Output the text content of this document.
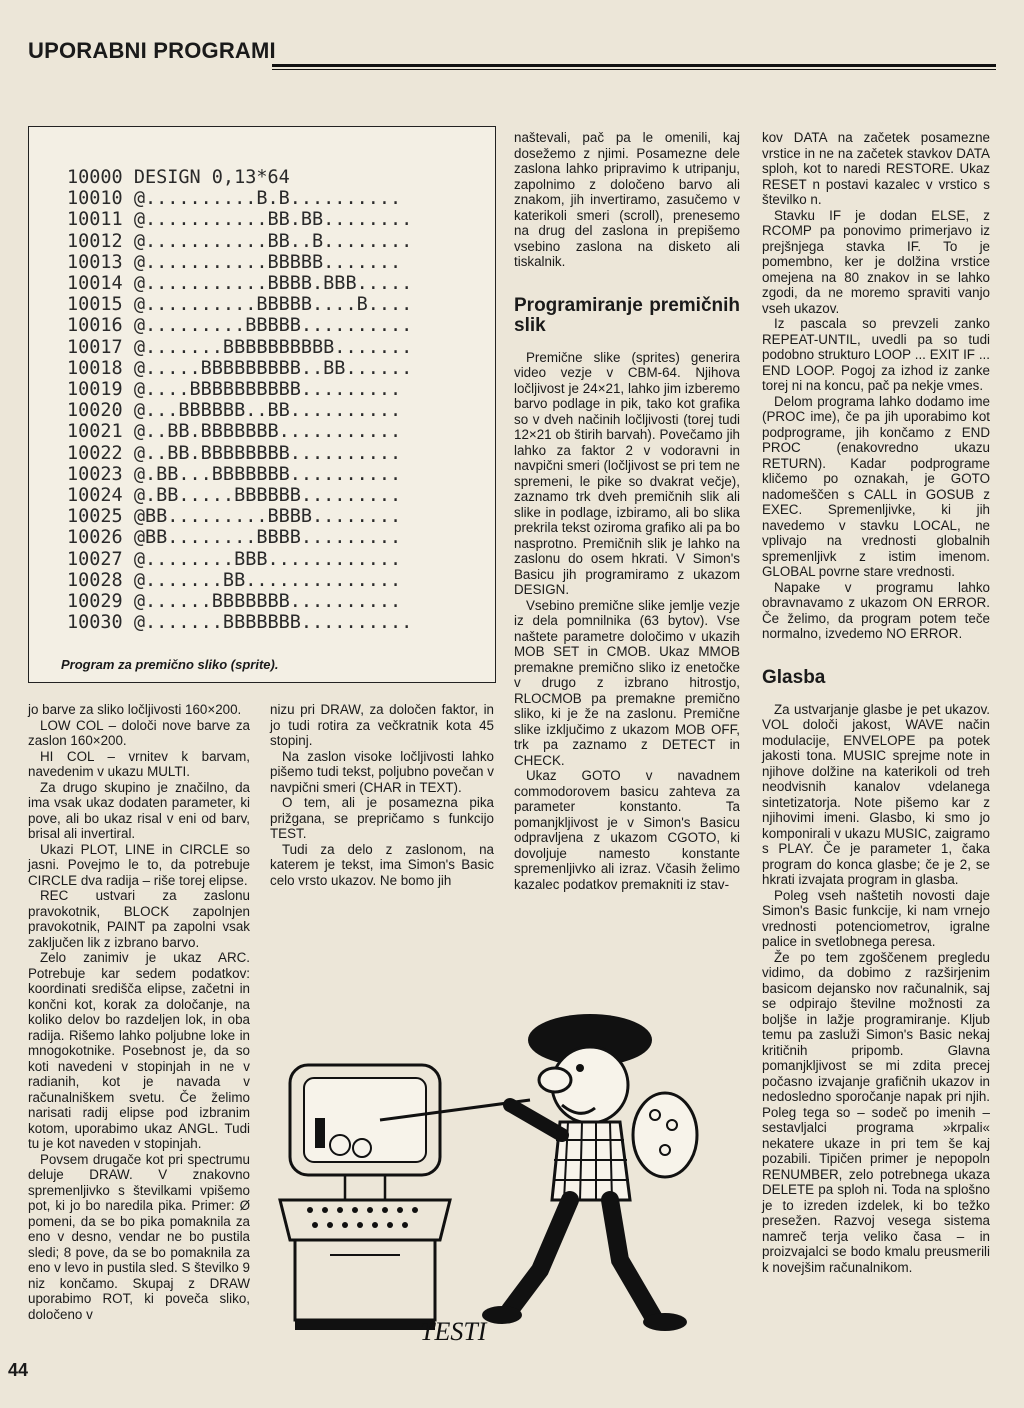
UPORABNI PROGRAMI
10000 DESIGN 0,13*64
10010 @..........B.B..........
10011 @...........BB.BB........
10012 @...........BB..B........
10013 @...........BBBBB.......
10014 @...........BBBB.BBB.....
10015 @..........BBBBB....B....
10016 @.........BBBBB..........
10017 @.......BBBBBBBBBB.......
10018 @.....BBBBBBBBB..BB......
10019 @....BBBBBBBBBB.........
10020 @...BBBBBB..BB..........
10021 @..BB.BBBBBBB...........
10022 @..BB.BBBBBBBB..........
10023 @.BB...BBBBBBB..........
10024 @.BB.....BBBBBB.........
10025 @BB.........BBBB........
10026 @BB........BBBB.........
10027 @........BBB............
10028 @.......BB..............
10029 @......BBBBBBB..........
10030 @.......BBBBBBB..........
Program za premično sliko (sprite).

jo barve za sliko ločljivosti 160×200.

LOW COL – določi nove barve za zaslon 160×200.

HI COL – vrnitev k barvam, navedenim v ukazu MULTI.

Za drugo skupino je značilno, da ima vsak ukaz dodaten parameter, ki pove, ali bo ukaz risal v eni od barv, brisal ali invertiral.

Ukazi PLOT, LINE in CIRCLE so jasni. Povejmo le to, da potrebuje CIRCLE dva radija – riše torej elipse.

REC ustvari za zaslonu pravokotnik, BLOCK zapolnjen pravokotnik, PAINT pa zapolni vsak zaključen lik z izbrano barvo.

Zelo zanimiv je ukaz ARC. Potrebuje kar sedem podatkov: koordinati središča elipse, začetni in končni kot, korak za določanje, na koliko delov bo razdeljen lok, in oba radija. Rišemo lahko poljubne loke in mnogokotnike. Posebnost je, da so koti navedeni v stopinjah in ne v radianih, kot je navada v računalniškem svetu. Če želimo narisati radij elipse pod izbranim kotom, uporabimo ukaz ANGL. Tudi tu je kot naveden v stopinjah.

Povsem drugače kot pri spectrumu deluje DRAW. V znakovno spremenljivko s številkami vpišemo pot, ki jo bo naredila pika. Primer: Ø pomeni, da se bo pika pomaknila za eno v desno, vendar ne bo pustila sledi; 8 pove, da se bo pomaknila za eno v levo in pustila sled. S številko 9 niz končamo. Skupaj z DRAW uporabimo ROT, ki poveča sliko, določeno v

nizu pri DRAW, za določen faktor, in jo tudi rotira za večkratnik kota 45 stopinj.

Na zaslon visoke ločljivosti lahko pišemo tudi tekst, poljubno povečan v navpični smeri (CHAR in TEXT).

O tem, ali je posamezna pika prižgana, se prepričamo s funkcijo TEST.

Tudi za delo z zaslonom, na katerem je tekst, ima Simon's Basic celo vrsto ukazov. Ne bomo jih

naštevali, pač pa le omenili, kaj dosežemo z njimi. Posamezne dele zaslona lahko pripravimo k utripanju, zapolnimo z določeno barvo ali znakom, jih invertiramo, zasučemo v katerikoli smeri (scroll), prenesemo na drug del zaslona in prepišemo vsebino zaslona na disketo ali tiskalnik.

Programiranje premičnih slik

Premične slike (sprites) generira video vezje v CBM-64. Njihova ločljivost je 24×21, lahko jim izberemo barvo podlage in pik, tako kot grafika so v dveh načinih ločljivosti (torej tudi 12×21 ob štirih barvah). Povečamo jih lahko za faktor 2 v vodoravni in navpični smeri (ločljivost se pri tem ne spremeni, le pike so dvakrat večje), zaznamo trk dveh premičnih slik ali slike in podlage, izbiramo, ali bo slika prekrila tekst oziroma grafiko ali pa bo nasprotno. Premičnih slik je lahko na zaslonu do osem hkrati. V Simon's Basicu jih programiramo z ukazom DESIGN.

Vsebino premične slike jemlje vezje iz dela pomnilnika (63 bytov). Vse naštete parametre določimo v ukazih MOB SET in CMOB. Ukaz MMOB premakne premično sliko iz enetočke v drugo z izbrano hitrostjo, RLOCMOB pa premakne premično sliko, ki je že na zaslonu. Premične slike izključimo z ukazom MOB OFF, trk pa zaznamo z DETECT in CHECK.

Ukaz GOTO v navadnem commodorovem basicu zahteva za parameter konstanto. Ta pomanjkljivost je v Simon's Basicu odpravljena z ukazom CGOTO, ki dovoljuje namesto konstante spremenljivko ali izraz. Včasih želimo kazalec podatkov premakniti iz stav-

kov DATA na začetek posamezne vrstice in ne na začetek stavkov DATA sploh, kot to naredi RESTORE. Ukaz RESET n postavi kazalec v vrstico s številko n.

Stavku IF je dodan ELSE, z RCOMP pa ponovimo primerjavo iz prejšnjega stavka IF. To je pomembno, ker je dolžina vrstice omejena na 80 znakov in se lahko zgodi, da ne moremo spraviti vanjo vseh ukazov.

Iz pascala so prevzeli zanko REPEAT-UNTIL, uvedli pa so tudi podobno strukturo LOOP ... EXIT IF ... END LOOP. Pogoj za izhod iz zanke torej ni na koncu, pač pa nekje vmes.

Delom programa lahko dodamo ime (PROC ime), če pa jih uporabimo kot podprograme, jih končamo z END PROC (enakovredno ukazu RETURN). Kadar podprograme kličemo po oznakah, je GOTO nadomeščen s CALL in GOSUB z EXEC. Spremenljivke, ki jih navedemo v stavku LOCAL, ne vplivajo na vrednosti globalnih spremenljivk z istim imenom. GLOBAL povrne stare vrednosti.

Napake v programu lahko obravnavamo z ukazom ON ERROR. Če želimo, da program potem teče normalno, izvedemo NO ERROR.

Glasba

Za ustvarjanje glasbe je pet ukazov. VOL določi jakost, WAVE način modulacije, ENVELOPE pa potek jakosti tona. MUSIC sprejme note in njihove dolžine na katerikoli od treh neodvisnih kanalov vdelanega sintetizatorja. Note pišemo kar z njihovimi imeni. Glasbo, ki smo jo komponirali v ukazu MUSIC, zaigramo s PLAY. Če je parameter 1, čaka program do konca glasbe; če je 2, se hkrati izvajata program in glasba.

Poleg vseh naštetih novosti daje Simon's Basic funkcije, ki nam vrnejo vrednosti potenciometrov, igralne palice in svetlobnega peresa.

Že po tem zgoščenem pregledu vidimo, da dobimo z razširjenim basicom dejansko nov računalnik, saj se odpirajo številne možnosti za boljše in lažje programiranje. Kljub temu pa zasluži Simon's Basic nekaj kritičnih pripomb. Glavna pomanjkljivost se mi zdita precej počasno izvajanje grafičnih ukazov in nedosledno sporočanje napak pri njih. Poleg tega so – sodeč po imenih – sestavljalci programa »krpali« nekatere ukaze in pri tem še kaj pozabili. Tipičen primer je nepopoln RENUMBER, zelo potrebnega ukaza DELETE pa sploh ni. Toda na splošno je to izreden izdelek, ki bo težko presežen. Razvoj vesega sistema namreč terja veliko časa – in proizvajalci se bodo kmalu preusmerili k novejšim računalnikom.

TESTI
44
